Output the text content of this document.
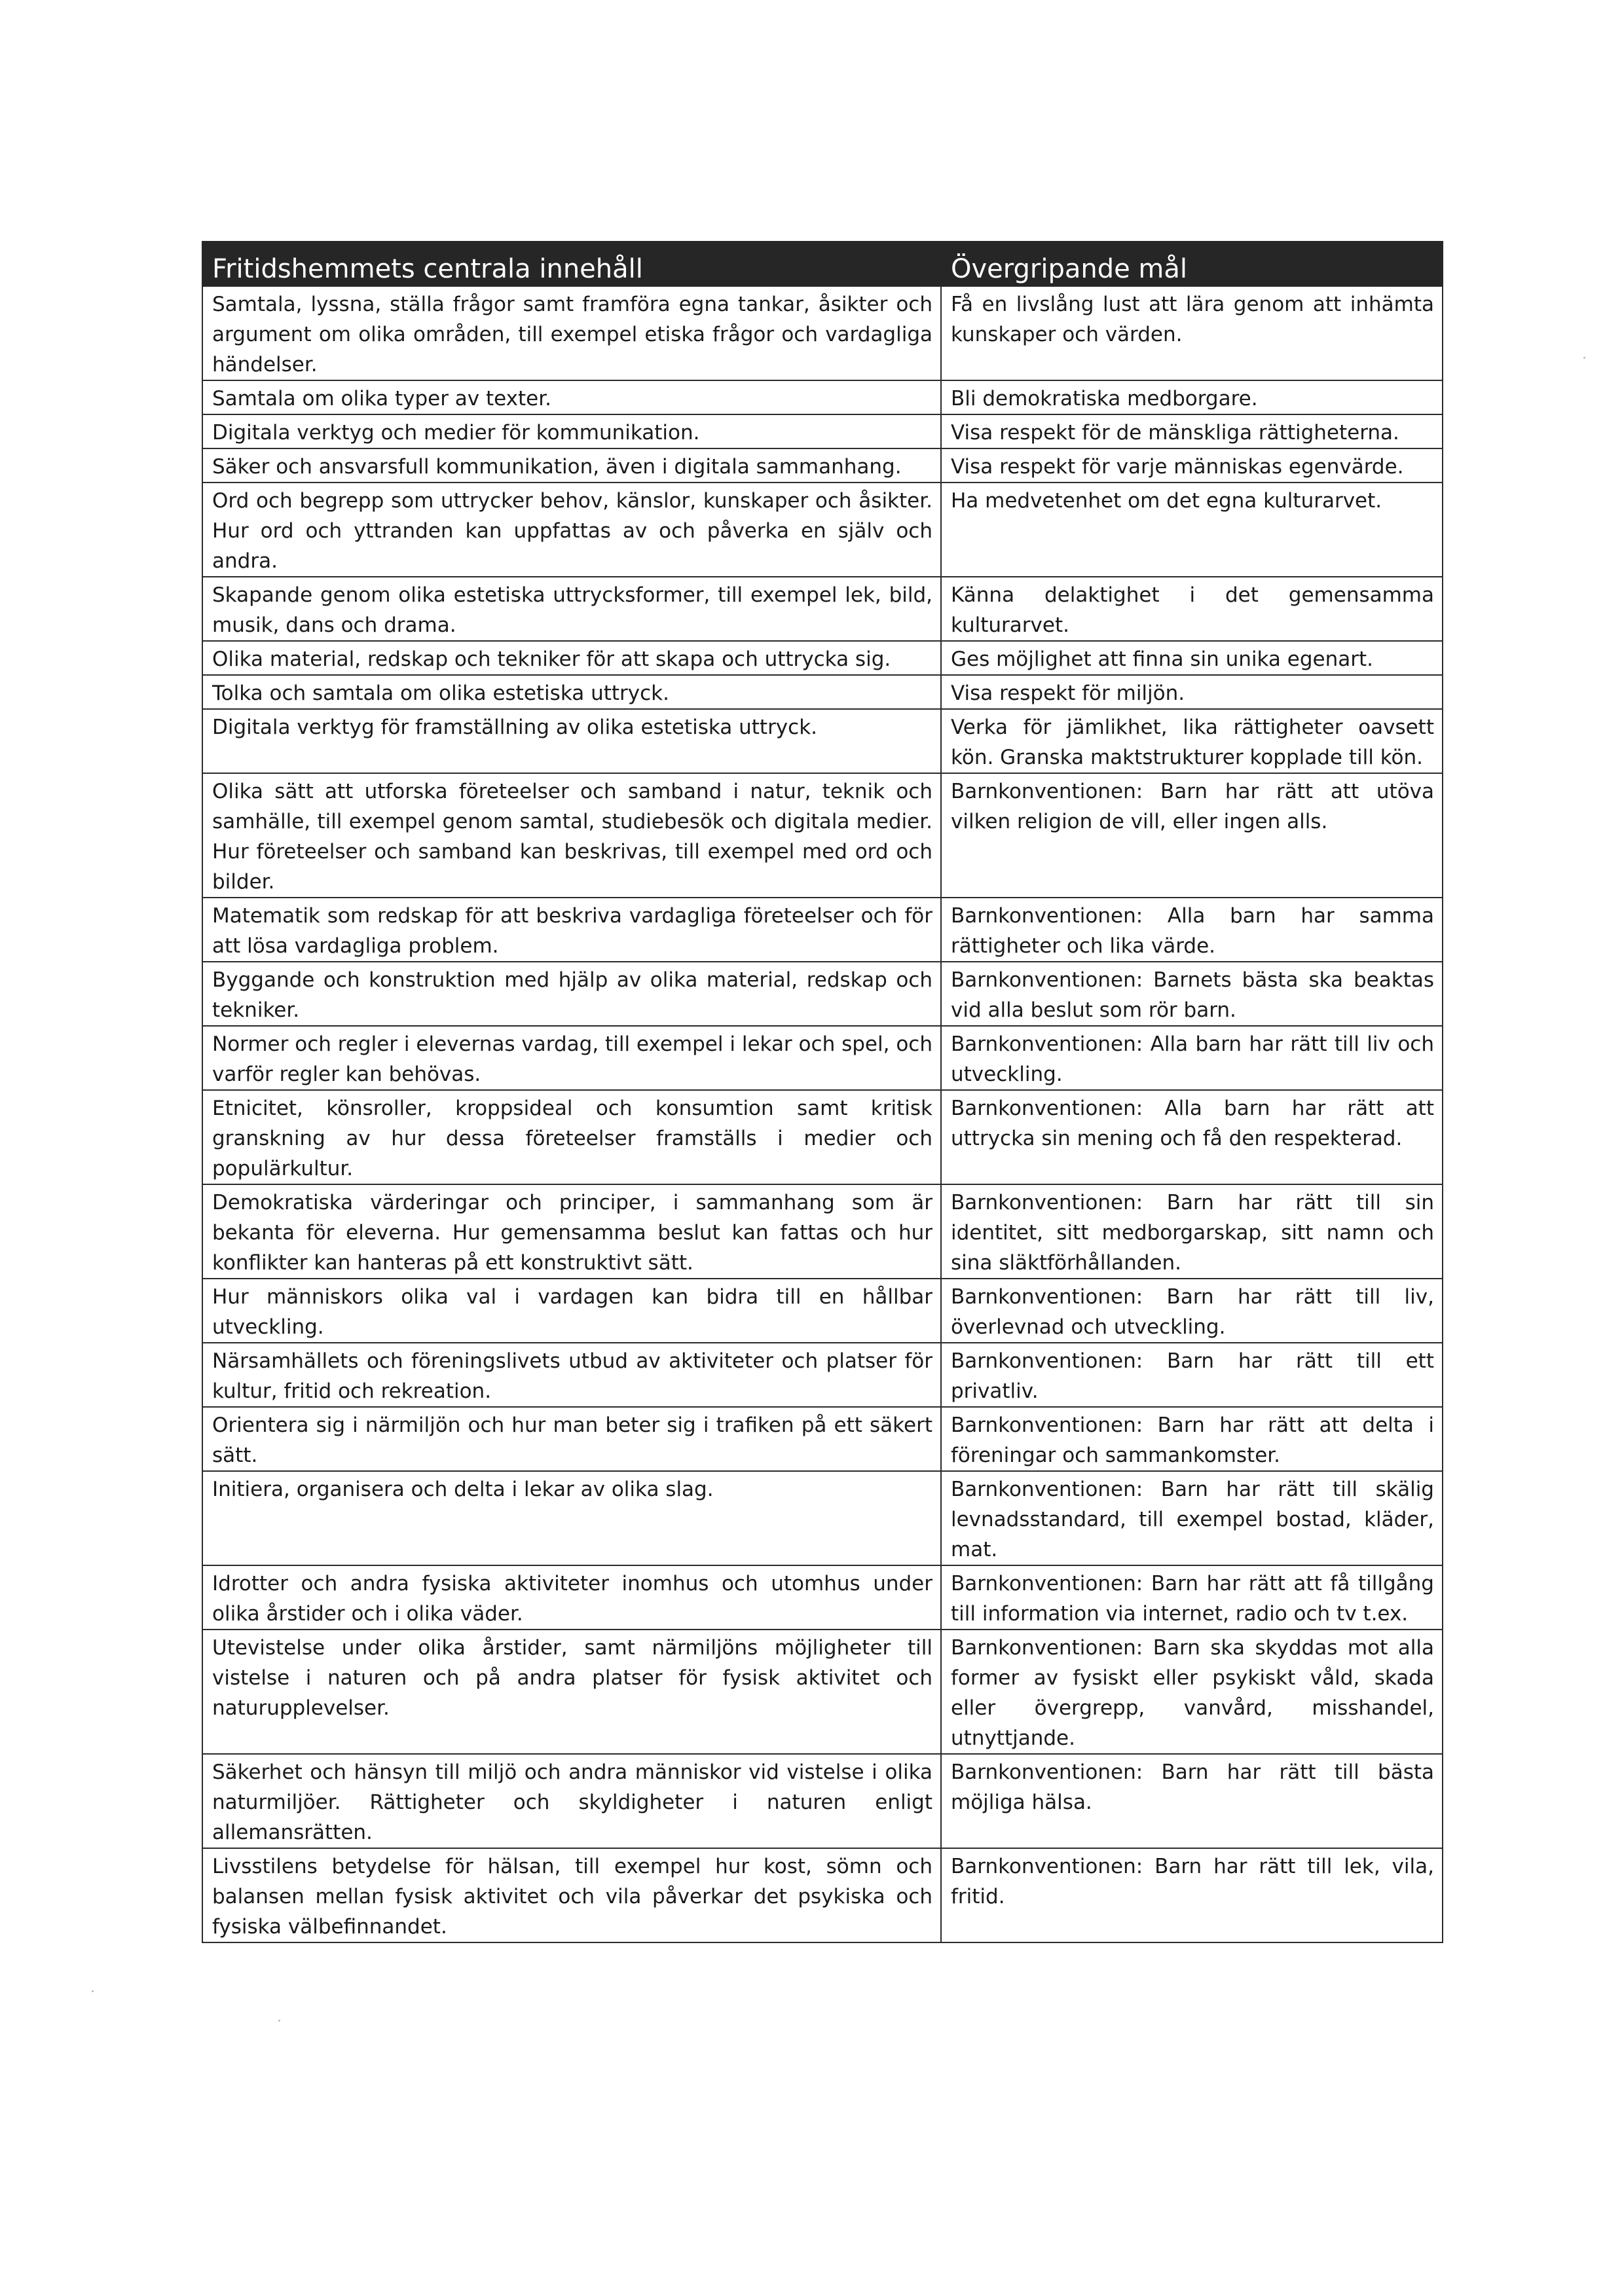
Fritidshemmets centrala innehåll	Övergripande mål
Samtala, lyssna, ställa frågor samt framföra egna tankar, åsikter och argument om olika områden, till exempel etiska frågor och vardagliga händelser.	Få en livslång lust att lära genom att inhämta kunskaper och värden.
Samtala om olika typer av texter.	Bli demokratiska medborgare.
Digitala verktyg och medier för kommunikation.	Visa respekt för de mänskliga rättigheterna.
Säker och ansvarsfull kommunikation, även i digitala sammanhang.	Visa respekt för varje människas egenvärde.
Ord och begrepp som uttrycker behov, känslor, kunskaper och åsikter. Hur ord och yttranden kan uppfattas av och påverka en själv och andra.	Ha medvetenhet om det egna kulturarvet.
Skapande genom olika estetiska uttrycksformer, till exempel lek, bild, musik, dans och drama.	Känna delaktighet i det gemensamma kulturarvet.
Olika material, redskap och tekniker för att skapa och uttrycka sig.	Ges möjlighet att finna sin unika egenart.
Tolka och samtala om olika estetiska uttryck.	Visa respekt för miljön.
Digitala verktyg för framställning av olika estetiska uttryck.	Verka för jämlikhet, lika rättigheter oavsett kön. Granska maktstrukturer kopplade till kön.
Olika sätt att utforska företeelser och samband i natur, teknik och samhälle, till exempel genom samtal, studiebesök och digitala medier. Hur företeelser och samband kan beskrivas, till exempel med ord och bilder.	Barnkonventionen: Barn har rätt att utöva vilken religion de vill, eller ingen alls.
Matematik som redskap för att beskriva vardagliga företeelser och för att lösa vardagliga problem.	Barnkonventionen: Alla barn har samma rättigheter och lika värde.
Byggande och konstruktion med hjälp av olika material, redskap och tekniker.	Barnkonventionen: Barnets bästa ska beaktas vid alla beslut som rör barn.
Normer och regler i elevernas vardag, till exempel i lekar och spel, och varför regler kan behövas.	Barnkonventionen: Alla barn har rätt till liv och utveckling.
Etnicitet, könsroller, kroppsideal och konsumtion samt kritisk granskning av hur dessa företeelser framställs i medier och populärkultur.	Barnkonventionen: Alla barn har rätt att uttrycka sin mening och få den respekterad.
Demokratiska värderingar och principer, i sammanhang som är bekanta för eleverna. Hur gemensamma beslut kan fattas och hur konflikter kan hanteras på ett konstruktivt sätt.	Barnkonventionen: Barn har rätt till sin identitet, sitt medborgarskap, sitt namn och sina släktförhållanden.
Hur människors olika val i vardagen kan bidra till en hållbar utveckling.	Barnkonventionen: Barn har rätt till liv, överlevnad och utveckling.
Närsamhällets och föreningslivets utbud av aktiviteter och platser för kultur, fritid och rekreation.	Barnkonventionen: Barn har rätt till ett privatliv.
Orientera sig i närmiljön och hur man beter sig i trafiken på ett säkert sätt.	Barnkonventionen: Barn har rätt att delta i föreningar och sammankomster.
Initiera, organisera och delta i lekar av olika slag.	Barnkonventionen: Barn har rätt till skälig levnadsstandard, till exempel bostad, kläder, mat.
Idrotter och andra fysiska aktiviteter inomhus och utomhus under olika årstider och i olika väder.	Barnkonventionen: Barn har rätt att få tillgång till information via internet, radio och tv t.ex.
Utevistelse under olika årstider, samt närmiljöns möjligheter till vistelse i naturen och på andra platser för fysisk aktivitet och naturupplevelser.	Barnkonventionen: Barn ska skyddas mot alla former av fysiskt eller psykiskt våld, skada eller övergrepp, vanvård, misshandel, utnyttjande.
Säkerhet och hänsyn till miljö och andra människor vid vistelse i olika naturmiljöer. Rättigheter och skyldigheter i naturen enligt allemansrätten.	Barnkonventionen: Barn har rätt till bästa möjliga hälsa.
Livsstilens betydelse för hälsan, till exempel hur kost, sömn och balansen mellan fysisk aktivitet och vila påverkar det psykiska och fysiska välbefinnandet.	Barnkonventionen: Barn har rätt till lek, vila, fritid.
